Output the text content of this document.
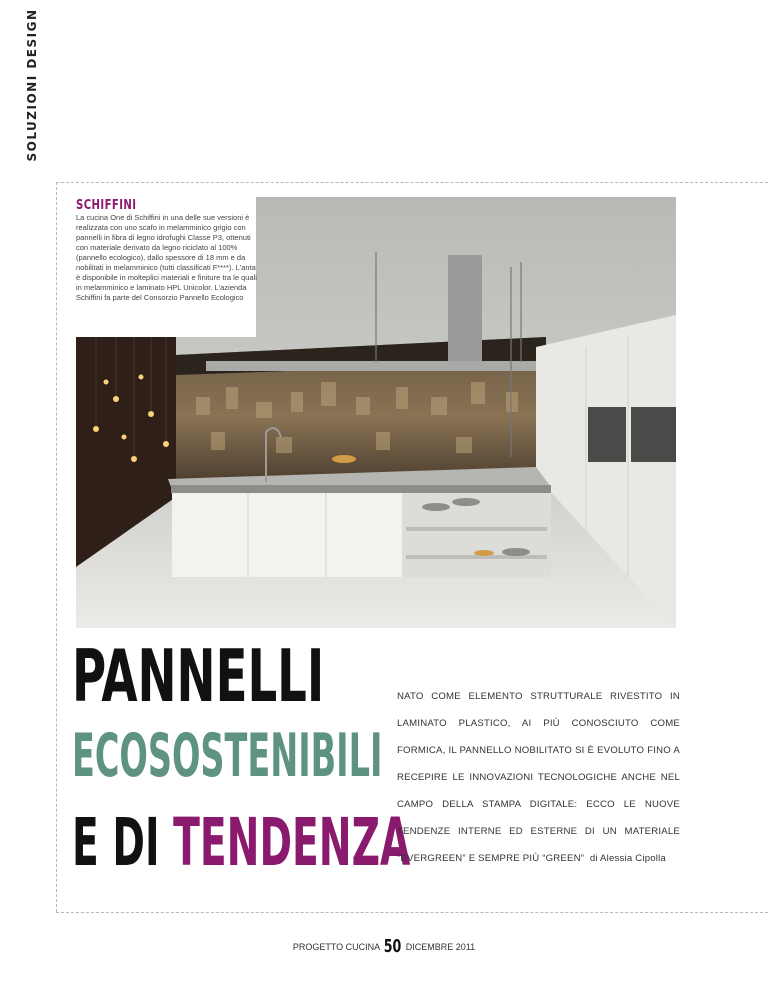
SOLUZIONI DESIGN
SCHIFFINI

La cucina One di Schiffini in una delle sue versioni è realizzata con uno scafo in melamminico grigio con pannelli in fibra di legno idrofughi Classe P3, ottenuti con materiale derivato da legno riciclato al 100% (pannello ecologico), dallo spessore di 18 mm e da nobilitati in melamminico (tutti classificati F****). L'anta è disponibile in molteplici materiali e finiture tra le quali in melamminico e laminato HPL Unicolor. L'azienda Schiffini fa parte del Consorzio Pannello Ecologico

PANNELLI
ECOSOSTENIBILI
E DI TENDENZA

NATO COME ELEMENTO STRUTTURALE RIVESTITO IN LAMINATO PLASTICO, AI PIÙ CONOSCIUTO COME FORMICA, IL PANNELLO NOBILITATO SI È EVOLUTO FINO A RECEPIRE LE INNOVAZIONI TECNOLOGICHE ANCHE NEL CAMPO DELLA STAMPA DIGITALE: ECCO LE NUOVE TENDENZE INTERNE ED ESTERNE DI UN MATERIALE “EVERGREEN” E SEMPRE PIÙ “GREEN” di Alessia Cipolla

PROGETTO CUCINA 50 DICEMBRE 2011
